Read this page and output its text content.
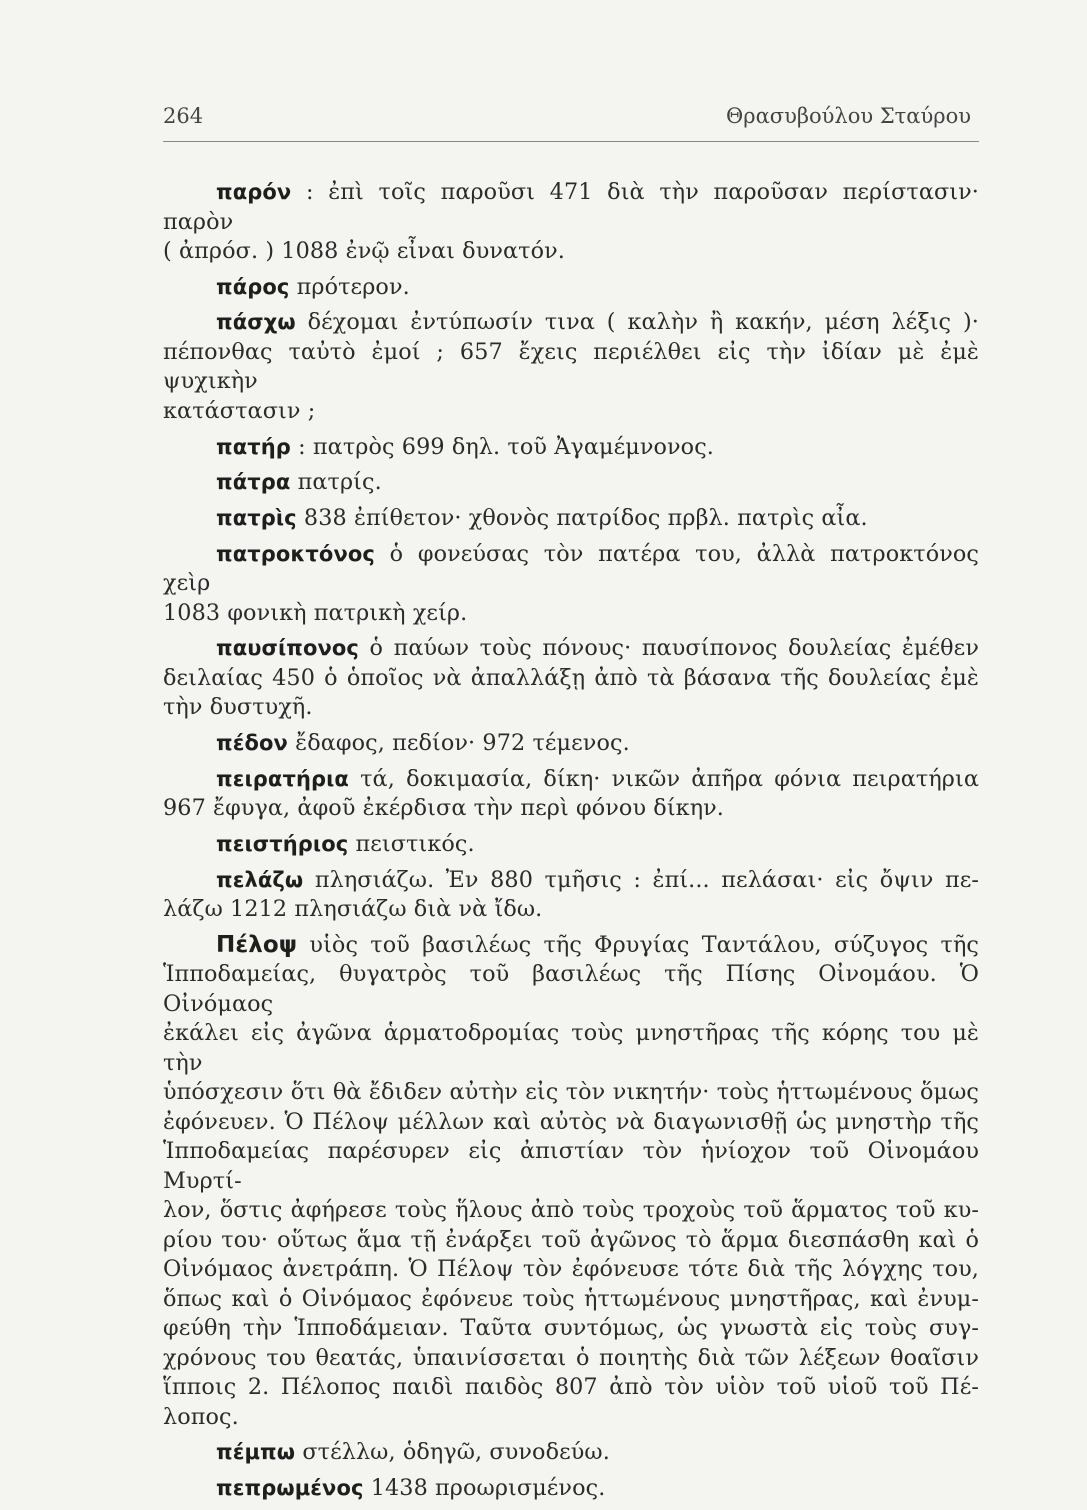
264	Θρασυβούλου Σταύρου
παρόν : ἐπὶ τοῖς παροῦσι 471 διὰ τὴν παροῦσαν περίστασιν· παρὸν
( ἀπρόσ. ) 1088 ἐνῷ εἶναι δυνατόν.
πάρος πρότερον.
πάσχω δέχομαι ἐντύπωσίν τινα ( καλὴν ἢ κακήν, μέση λέξις )·
πέπονθας ταὐτὸ ἐμοί ; 657 ἔχεις περιέλθει εἰς τὴν ἰδίαν μὲ ἐμὲ ψυχικὴν
κατάστασιν ;
πατήρ : πατρὸς 699 δηλ. τοῦ Ἀγαμέμνονος.
πάτρα πατρίς.
πατρὶς 838 ἐπίθετον· χθονὸς πατρίδος πρβλ. πατρὶς αἶα.
πατροκτόνος ὁ φονεύσας τὸν πατέρα του, ἀλλὰ πατροκτόνος χεὶρ
1083 φονικὴ πατρικὴ χείρ.
παυσίπονος ὁ παύων τοὺς πόνους· παυσίπονος δουλείας ἐμέθεν
δειλαίας 450 ὁ ὁποῖος νὰ ἀπαλλάξῃ ἀπὸ τὰ βάσανα τῆς δουλείας ἐμὲ
τὴν δυστυχῆ.
πέδον ἔδαφος, πεδίον· 972 τέμενος.
πειρατήρια τά, δοκιμασία, δίκη· νικῶν ἀπῆρα φόνια πειρατήρια
967 ἔφυγα, ἀφοῦ ἐκέρδισα τὴν περὶ φόνου δίκην.
πειστήριος πειστικός.
πελάζω πλησιάζω. Ἐν 880 τμῆσις : ἐπί... πελάσαι· εἰς ὄψιν πε-
λάζω 1212 πλησιάζω διὰ νὰ ἴδω.
Πέλοψ υἱὸς τοῦ βασιλέως τῆς Φρυγίας Ταντάλου, σύζυγος τῆς
Ἱπποδαμείας, θυγατρὸς τοῦ βασιλέως τῆς Πίσης Οἰνομάου. Ὁ Οἰνόμαος
ἐκάλει εἰς ἀγῶνα ἁρματοδρομίας τοὺς μνηστῆρας τῆς κόρης του μὲ τὴν
ὑπόσχεσιν ὅτι θὰ ἔδιδεν αὐτὴν εἰς τὸν νικητήν· τοὺς ἡττωμένους ὅμως
ἐφόνευεν. Ὁ Πέλοψ μέλλων καὶ αὐτὸς νὰ διαγωνισθῇ ὡς μνηστὴρ τῆς
Ἱπποδαμείας παρέσυρεν εἰς ἀπιστίαν τὸν ἡνίοχον τοῦ Οἰνομάου Μυρτί-
λον, ὅστις ἀφήρεσε τοὺς ἥλους ἀπὸ τοὺς τροχοὺς τοῦ ἅρματος τοῦ κυ-
ρίου του· οὕτως ἅμα τῇ ἐνάρξει τοῦ ἀγῶνος τὸ ἅρμα διεσπάσθη καὶ ὁ
Οἰνόμαος ἀνετράπη. Ὁ Πέλοψ τὸν ἐφόνευσε τότε διὰ τῆς λόγχης του,
ὅπως καὶ ὁ Οἰνόμαος ἐφόνευε τοὺς ἡττωμένους μνηστῆρας, καὶ ἐνυμ-
φεύθη τὴν Ἱπποδάμειαν. Ταῦτα συντόμως, ὡς γνωστὰ εἰς τοὺς συγ-
χρόνους του θεατάς, ὑπαινίσσεται ὁ ποιητὴς διὰ τῶν λέξεων θοαῖσιν
ἵπποις 2. Πέλοπος παιδὶ παιδὸς 807 ἀπὸ τὸν υἱὸν τοῦ υἱοῦ τοῦ Πέ-
λοπος.
πέμπω στέλλω, ὁδηγῶ, συνοδεύω.
πεπρωμένος 1438 προωρισμένος.
